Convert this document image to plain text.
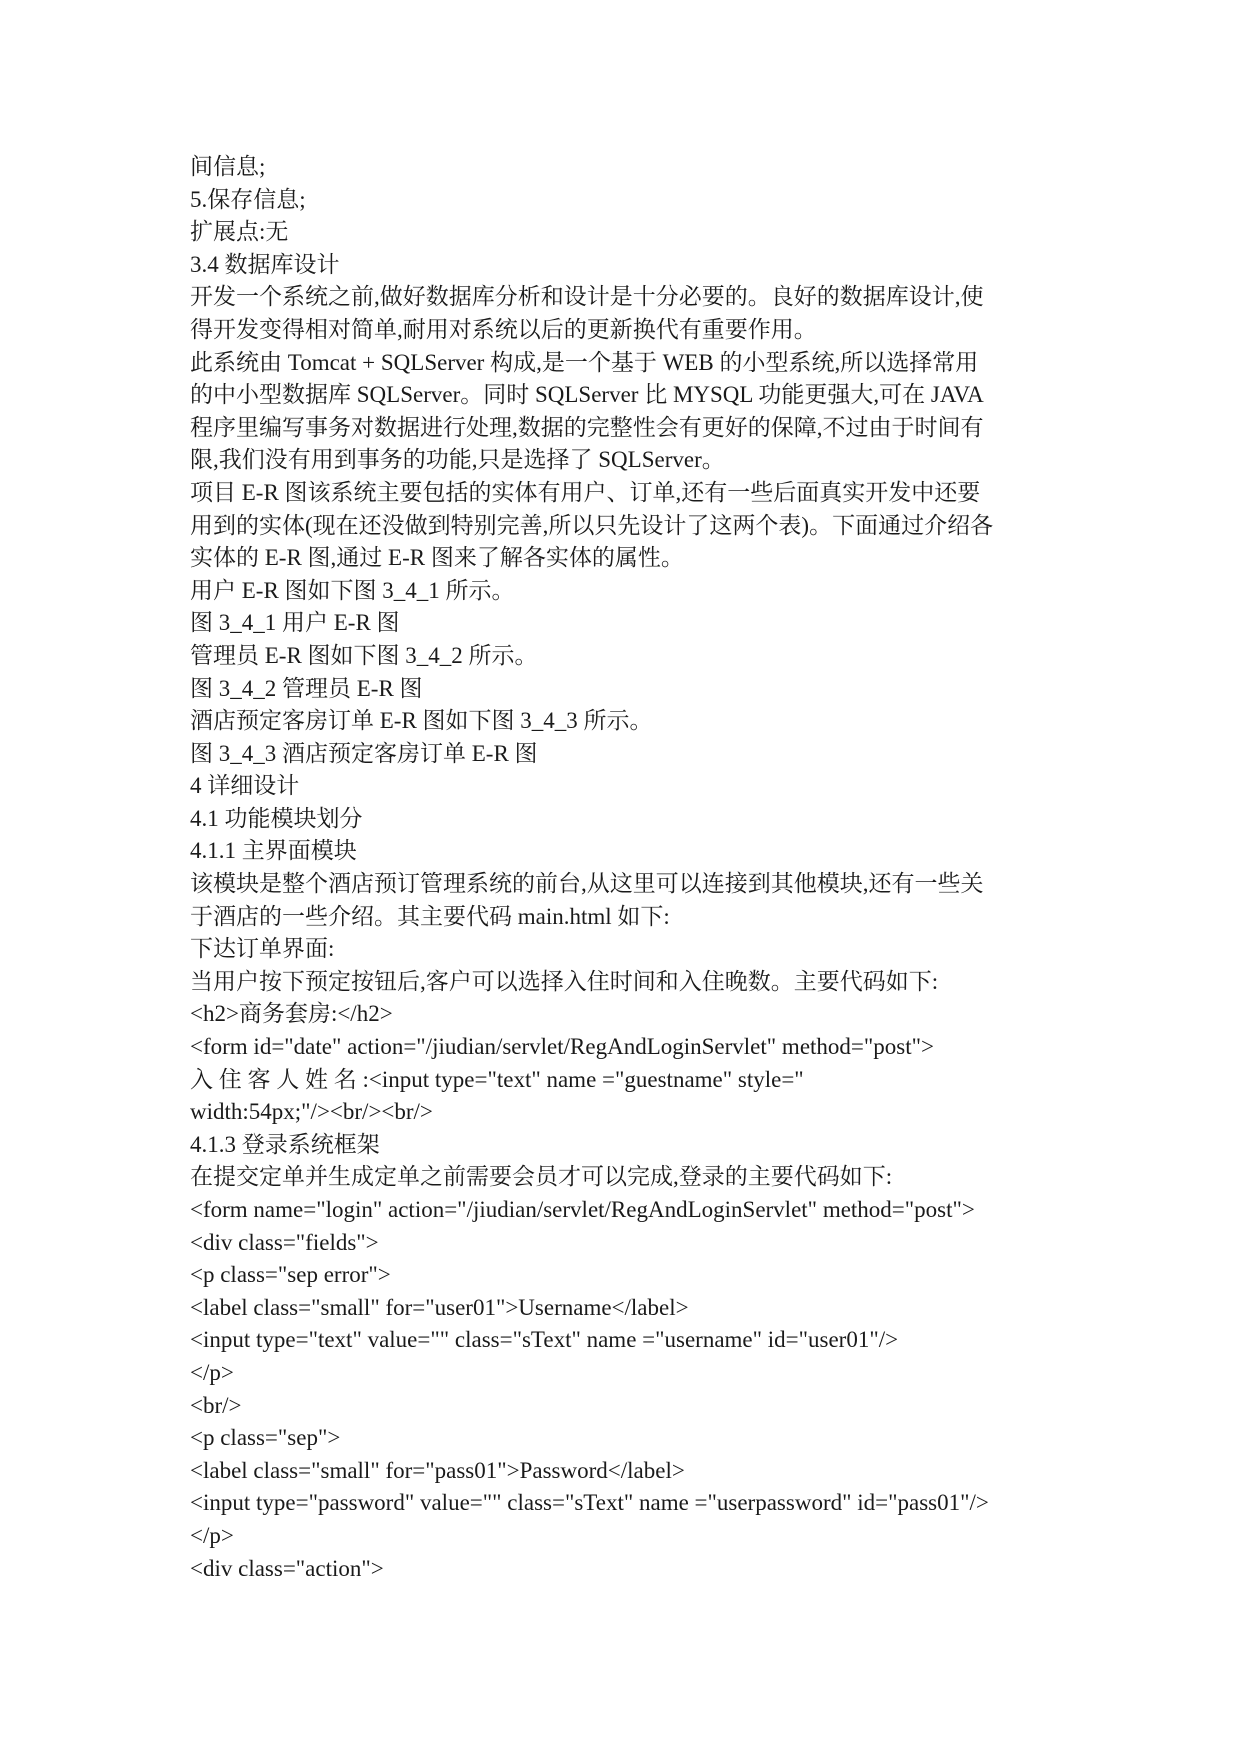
间信息;
5.保存信息;
扩展点:无
3.4 数据库设计
开发一个系统之前,做好数据库分析和设计是十分必要的。良好的数据库设计,使
得开发变得相对简单,耐用对系统以后的更新换代有重要作用。
此系统由 Tomcat + SQLServer 构成,是一个基于 WEB 的小型系统,所以选择常用
的中小型数据库 SQLServer。同时 SQLServer 比 MYSQL 功能更强大,可在 JAVA
程序里编写事务对数据进行处理,数据的完整性会有更好的保障,不过由于时间有
限,我们没有用到事务的功能,只是选择了 SQLServer。
项目 E-R 图该系统主要包括的实体有用户、订单,还有一些后面真实开发中还要
用到的实体(现在还没做到特别完善,所以只先设计了这两个表)。下面通过介绍各
实体的 E-R 图,通过 E-R 图来了解各实体的属性。
用户 E-R 图如下图 3_4_1 所示。
图 3_4_1 用户 E-R 图
管理员 E-R 图如下图 3_4_2 所示。
图 3_4_2 管理员 E-R 图
酒店预定客房订单 E-R 图如下图 3_4_3 所示。
图 3_4_3 酒店预定客房订单 E-R 图
4 详细设计
4.1 功能模块划分
4.1.1 主界面模块
该模块是整个酒店预订管理系统的前台,从这里可以连接到其他模块,还有一些关
于酒店的一些介绍。其主要代码 main.html 如下:
下达订单界面:
当用户按下预定按钮后,客户可以选择入住时间和入住晚数。主要代码如下:
<h2>商务套房:</h2>
<form id="date" action="/jiudian/servlet/RegAndLoginServlet" method="post">
入 住 客 人 姓 名 :<input type="text" name ="guestname" style="
width:54px;"/><br/><br/>
4.1.3 登录系统框架
在提交定单并生成定单之前需要会员才可以完成,登录的主要代码如下:
<form name="login" action="/jiudian/servlet/RegAndLoginServlet" method="post">
<div class="fields">
<p class="sep error">
<label class="small" for="user01">Username</label>
<input type="text" value="" class="sText" name ="username" id="user01"/>
</p>
<br/>
<p class="sep">
<label class="small" for="pass01">Password</label>
<input type="password" value="" class="sText" name ="userpassword" id="pass01"/>
</p>
<div class="action">
